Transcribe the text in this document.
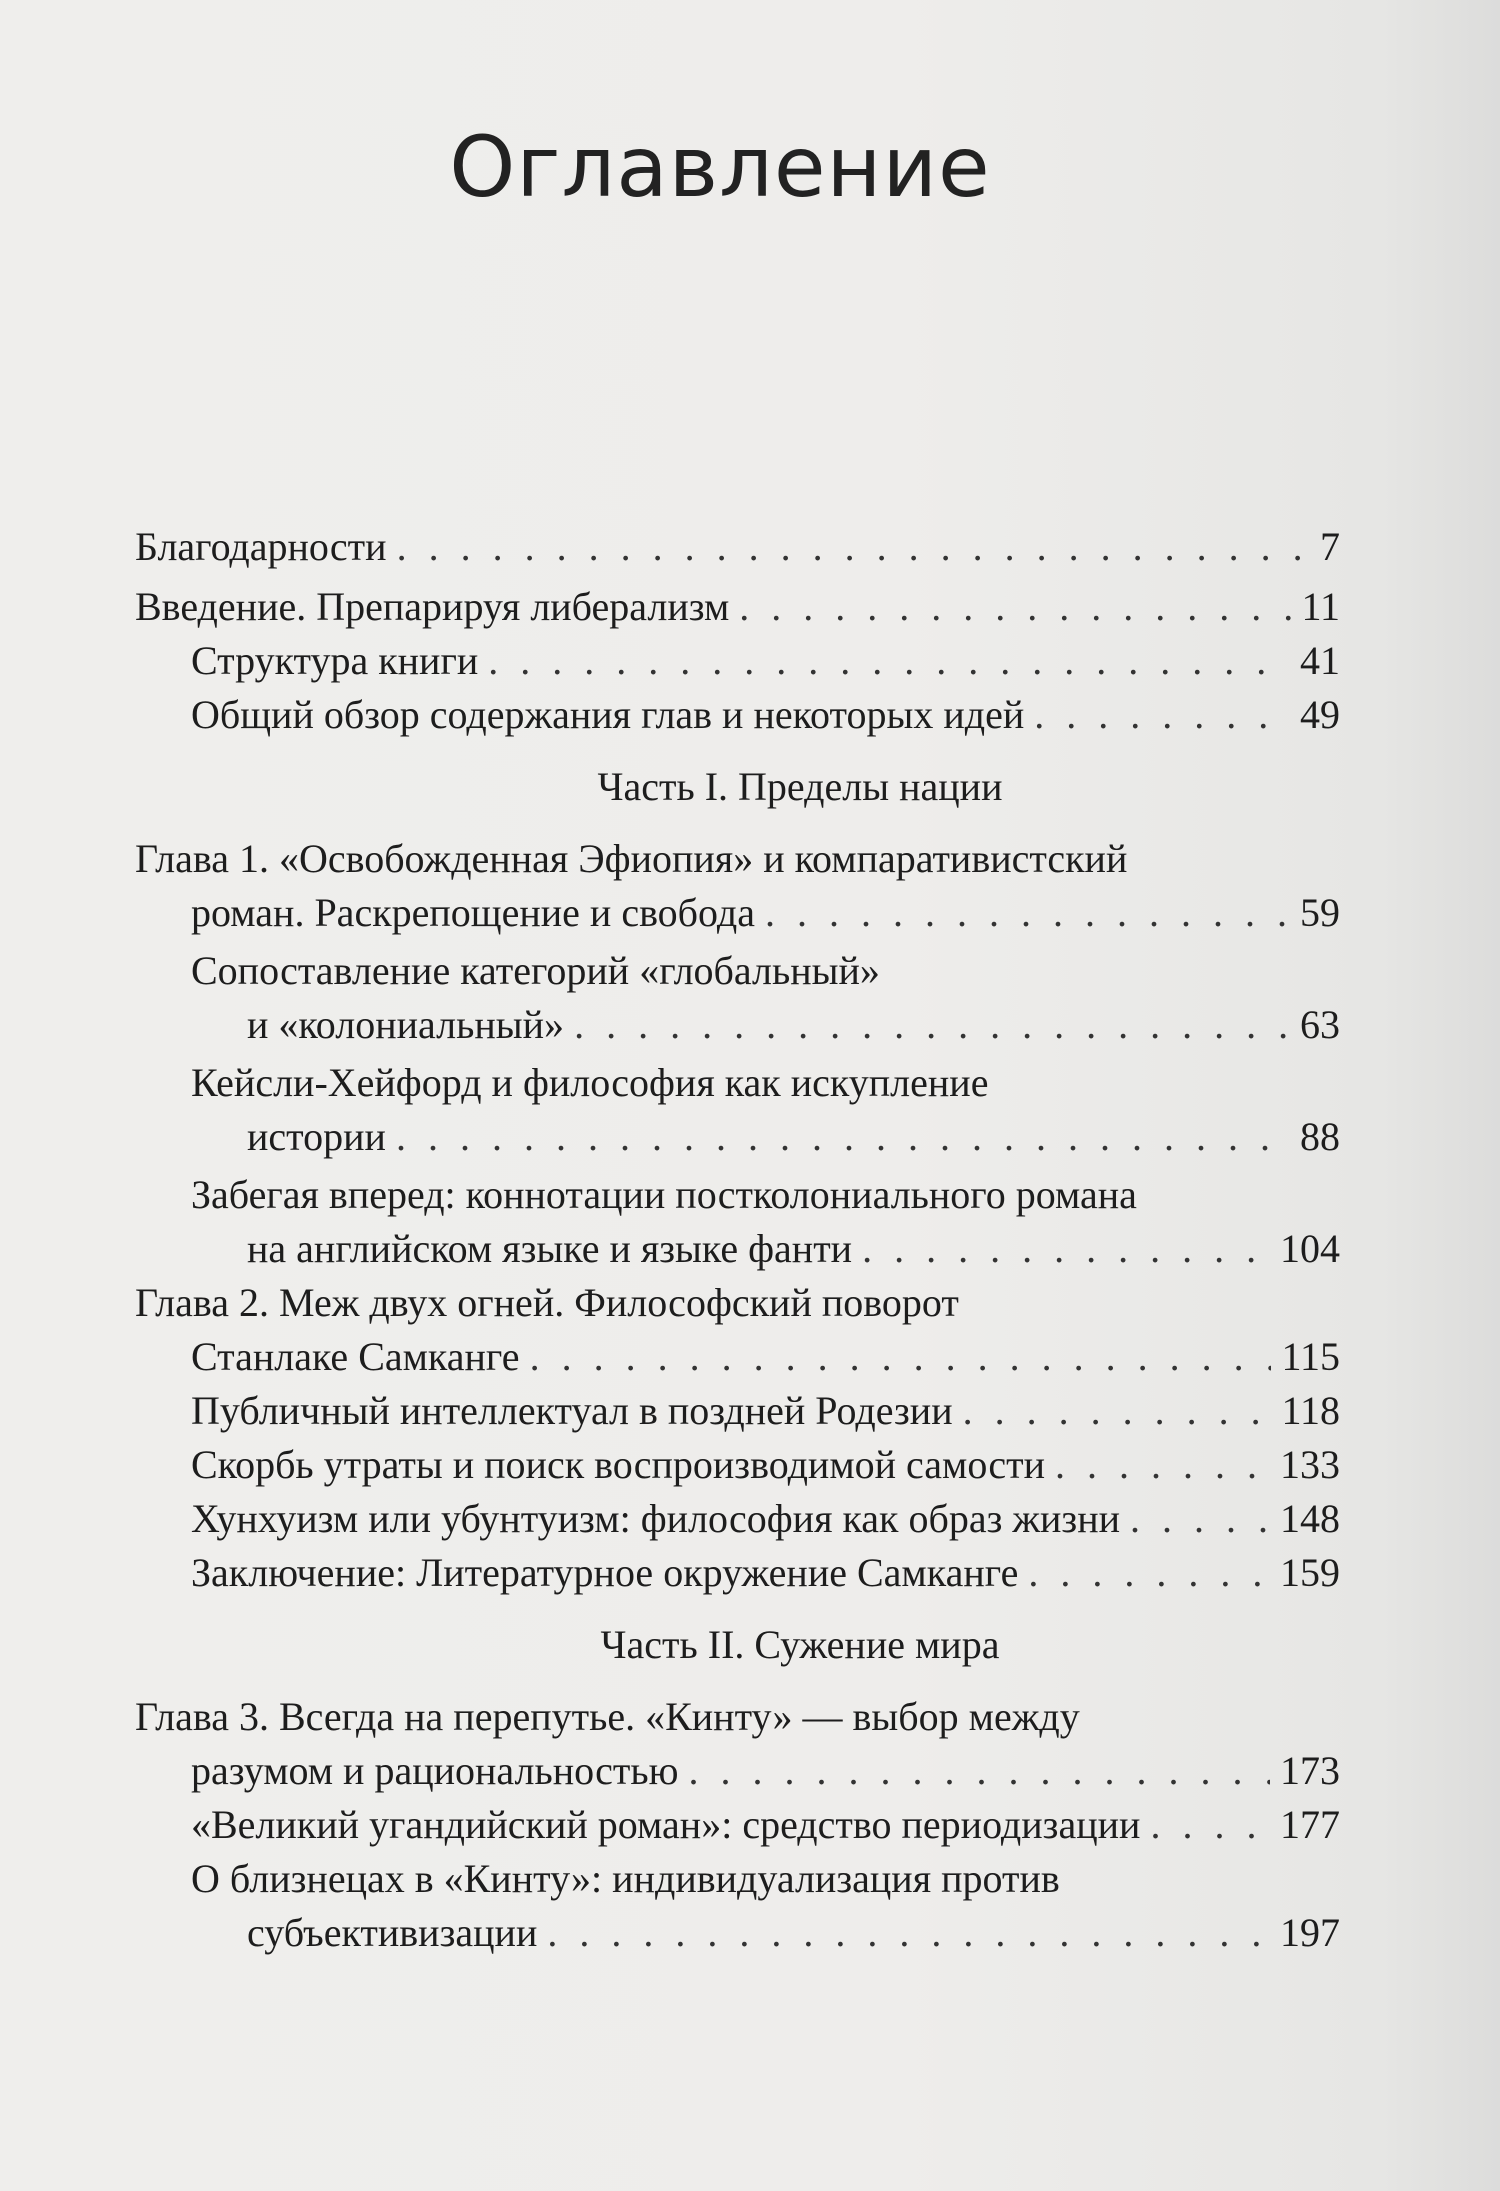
Оглавление
Благодарности . . .	7
Введение. Препарируя либерализм . . .	11
Структура книги . . .	41
Общий обзор содержания глав и некоторых идей . . .	49
Часть I. Пределы нации
Глава 1. «Освобожденная Эфиопия» и компаративистский
роман. Раскрепощение и свобода . . .	59
Сопоставление категорий «глобальный»
и «колониальный» . . .	63
Кейсли-Хейфорд и философия как искупление
истории . . .	88
Забегая вперед: коннотации постколониального романа
на английском языке и языке фанти . . .	104
Глава 2. Меж двух огней. Философский поворот
Станлаке Самканге . . .	115
Публичный интеллектуал в поздней Родезии . . .	118
Скорбь утраты и поиск воспроизводимой самости . . .	133
Хунхуизм или убунтуизм: философия как образ жизни . . .	148
Заключение: Литературное окружение Самканге . . .	159
Часть II. Сужение мира
Глава 3. Всегда на перепутье. «Кинту» — выбор между
разумом и рациональностью . . .	173
«Великий угандийский роман»: средство периодизации . . .	177
О близнецах в «Кинту»: индивидуализация против
субъективизации . . .	197
